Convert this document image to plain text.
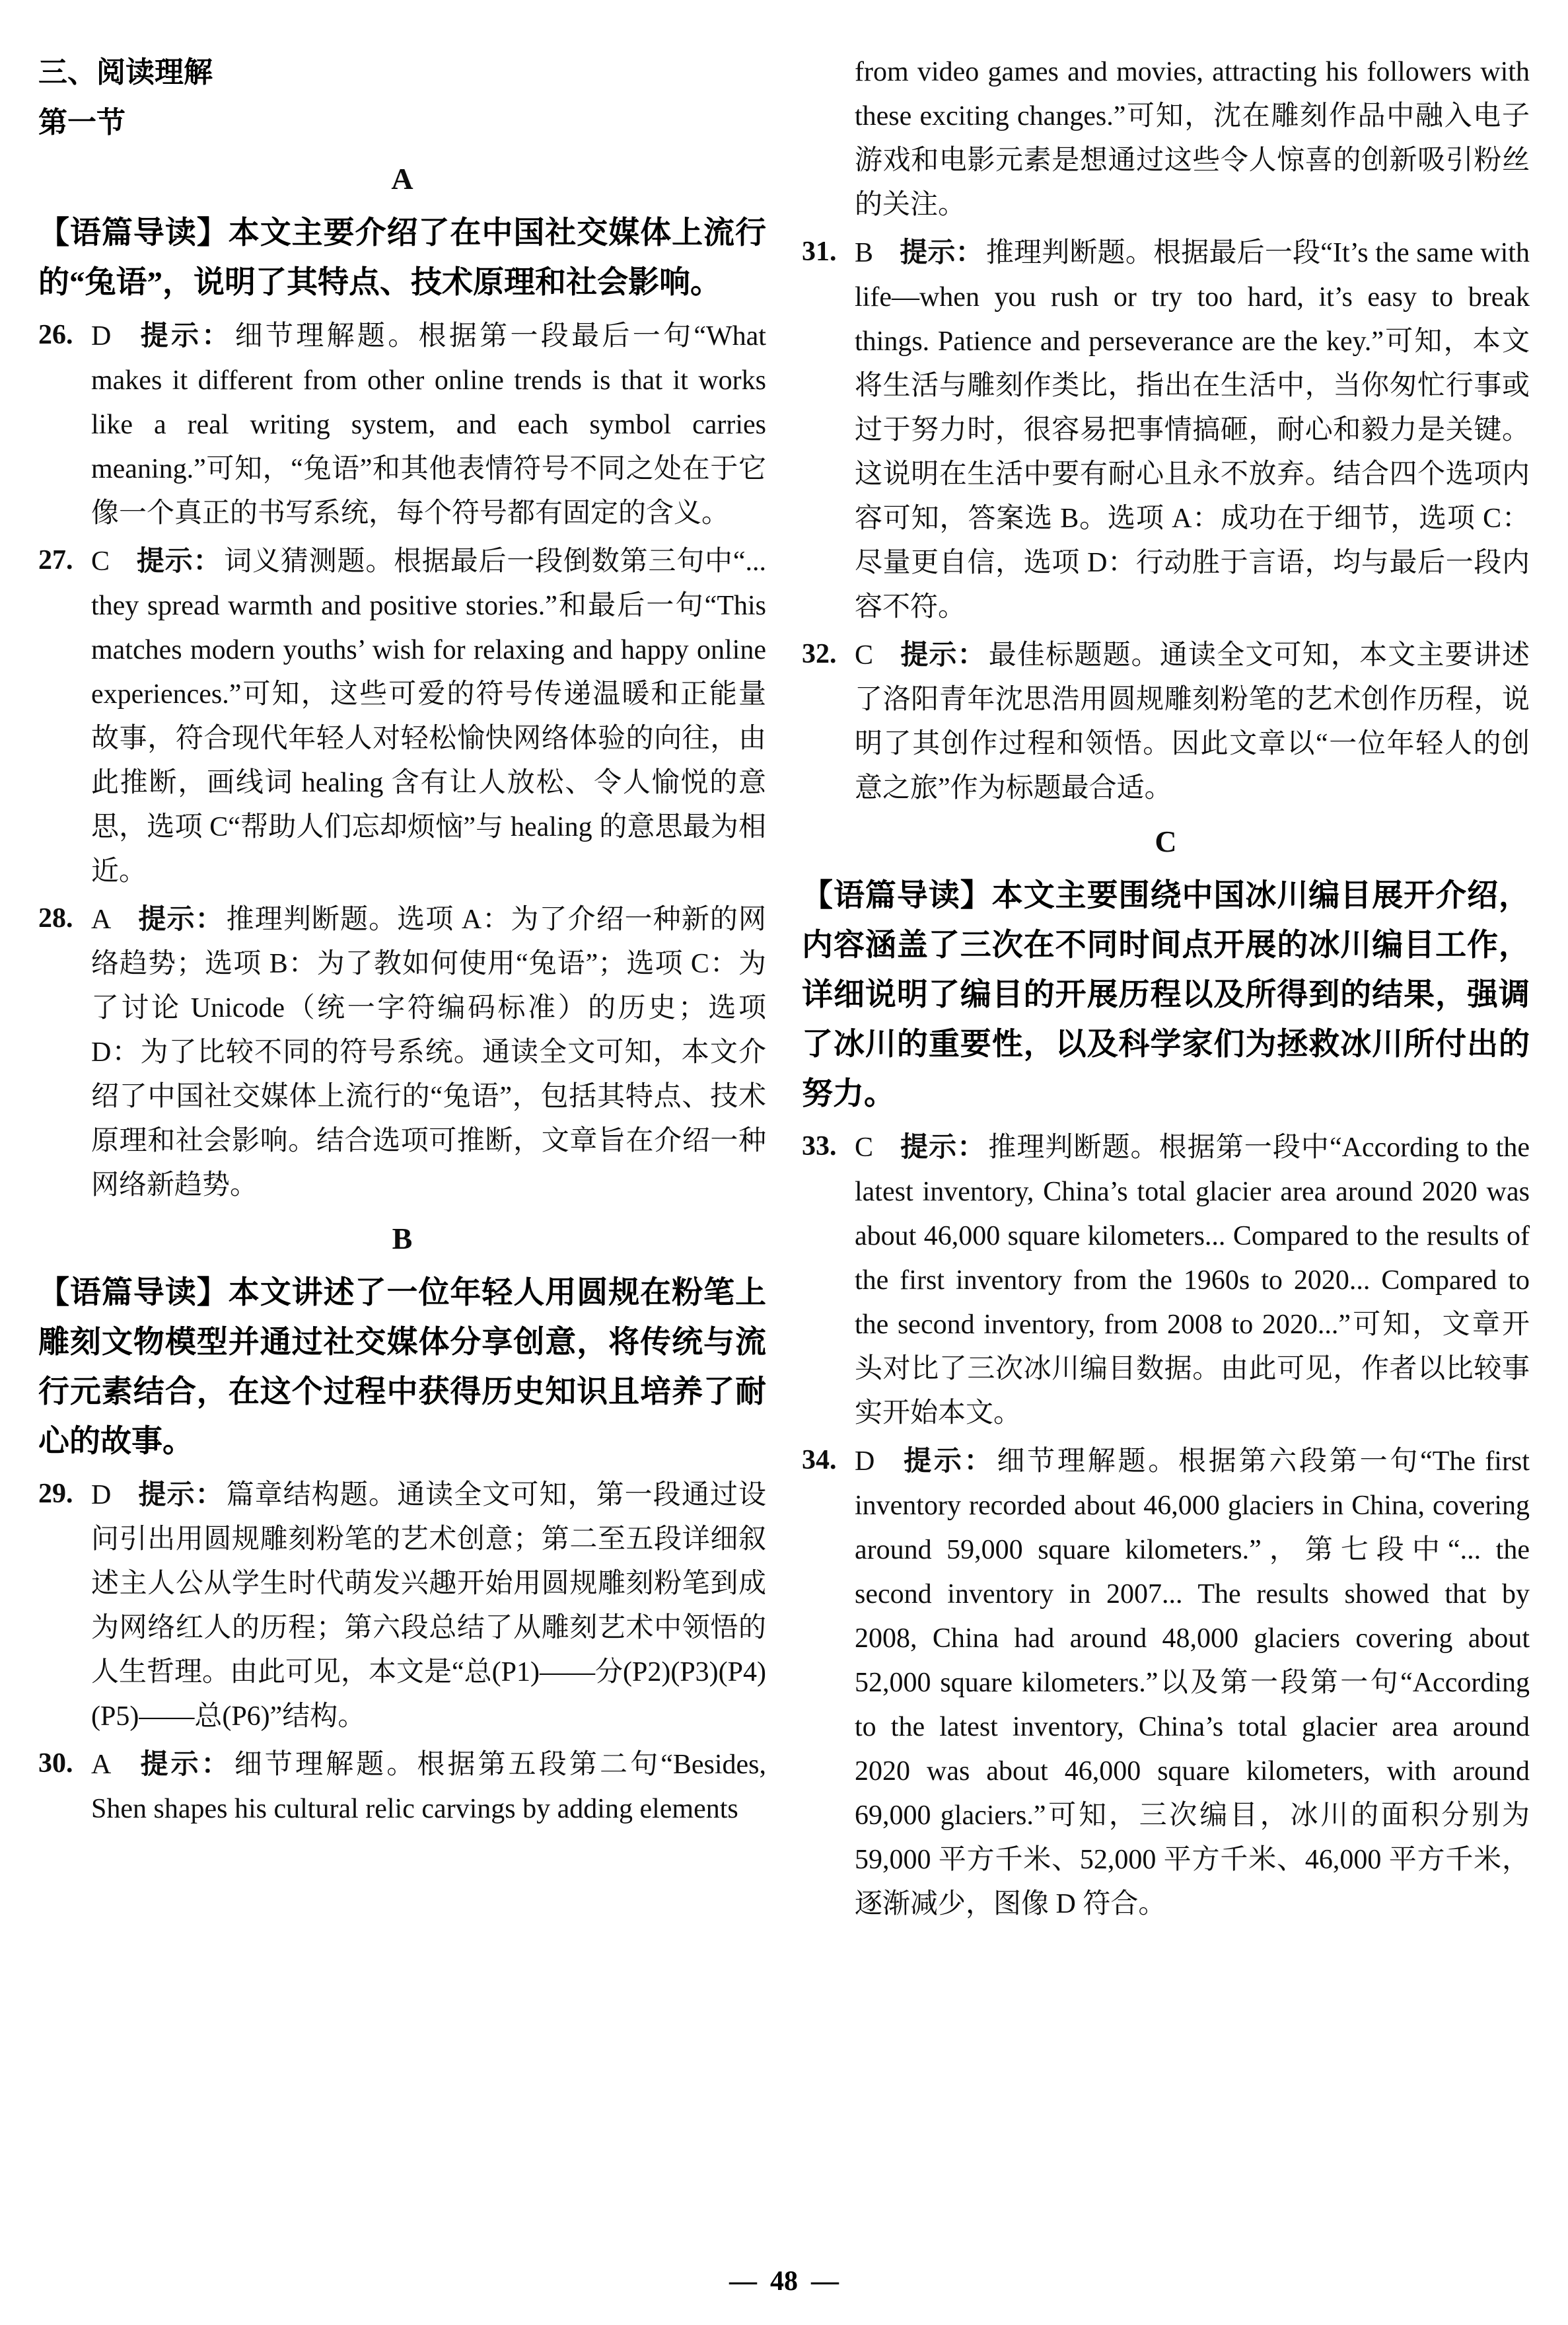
三、阅读理解
第一节
A
【语篇导读】本文主要介绍了在中国社交媒体上流行的“兔语”，说明了其特点、技术原理和社会影响。
26. D 提示：细节理解题。根据第一段最后一句“What makes it different from other online trends is that it works like a real writing system, and each symbol carries meaning.”可知，“兔语”和其他表情符号不同之处在于它像一个真正的书写系统，每个符号都有固定的含义。
27. C 提示：词义猜测题。根据最后一段倒数第三句中“... they spread warmth and positive stories.”和最后一句“This matches modern youths’ wish for relaxing and happy online experiences.”可知，这些可爱的符号传递温暖和正能量故事，符合现代年轻人对轻松愉快网络体验的向往，由此推断，画线词 healing 含有让人放松、令人愉悦的意思，选项 C“帮助人们忘却烦恼”与 healing 的意思最为相近。
28. A 提示：推理判断题。选项 A：为了介绍一种新的网络趋势；选项 B：为了教如何使用“兔语”；选项 C：为了讨论 Unicode（统一字符编码标准）的历史；选项 D：为了比较不同的符号系统。通读全文可知，本文介绍了中国社交媒体上流行的“兔语”，包括其特点、技术原理和社会影响。结合选项可推断，文章旨在介绍一种网络新趋势。
B
【语篇导读】本文讲述了一位年轻人用圆规在粉笔上雕刻文物模型并通过社交媒体分享创意，将传统与流行元素结合，在这个过程中获得历史知识且培养了耐心的故事。
29. D 提示：篇章结构题。通读全文可知，第一段通过设问引出用圆规雕刻粉笔的艺术创意；第二至五段详细叙述主人公从学生时代萌发兴趣开始用圆规雕刻粉笔到成为网络红人的历程；第六段总结了从雕刻艺术中领悟的人生哲理。由此可见，本文是“总(P1)——分(P2)(P3)(P4)(P5)——总(P6)”结构。
30. A 提示：细节理解题。根据第五段第二句“Besides, Shen shapes his cultural relic carvings by adding elements
from video games and movies, attracting his followers with these exciting changes.”可知，沈在雕刻作品中融入电子游戏和电影元素是想通过这些令人惊喜的创新吸引粉丝的关注。
31. B 提示：推理判断题。根据最后一段“It’s the same with life—when you rush or try too hard, it’s easy to break things. Patience and perseverance are the key.”可知，本文将生活与雕刻作类比，指出在生活中，当你匆忙行事或过于努力时，很容易把事情搞砸，耐心和毅力是关键。这说明在生活中要有耐心且永不放弃。结合四个选项内容可知，答案选 B。选项 A：成功在于细节，选项 C：尽量更自信，选项 D：行动胜于言语，均与最后一段内容不符。
32. C 提示：最佳标题题。通读全文可知，本文主要讲述了洛阳青年沈思浩用圆规雕刻粉笔的艺术创作历程，说明了其创作过程和领悟。因此文章以“一位年轻人的创意之旅”作为标题最合适。
C
【语篇导读】本文主要围绕中国冰川编目展开介绍，内容涵盖了三次在不同时间点开展的冰川编目工作，详细说明了编目的开展历程以及所得到的结果，强调了冰川的重要性，以及科学家们为拯救冰川所付出的努力。
33. C 提示：推理判断题。根据第一段中“According to the latest inventory, China’s total glacier area around 2020 was about 46,000 square kilometers... Compared to the results of the first inventory from the 1960s to 2020... Compared to the second inventory, from 2008 to 2020...”可知，文章开头对比了三次冰川编目数据。由此可见，作者以比较事实开始本文。
34. D 提示：细节理解题。根据第六段第一句“The first inventory recorded about 46,000 glaciers in China, covering around 59,000 square kilometers.”，第七段中“... the second inventory in 2007... The results showed that by 2008, China had around 48,000 glaciers covering about 52,000 square kilometers.”以及第一段第一句“According to the latest inventory, China’s total glacier area around 2020 was about 46,000 square kilometers, with around 69,000 glaciers.”可知，三次编目，冰川的面积分别为 59,000 平方千米、52,000 平方千米、46,000 平方千米，逐渐减少，图像 D 符合。
— 48 —
